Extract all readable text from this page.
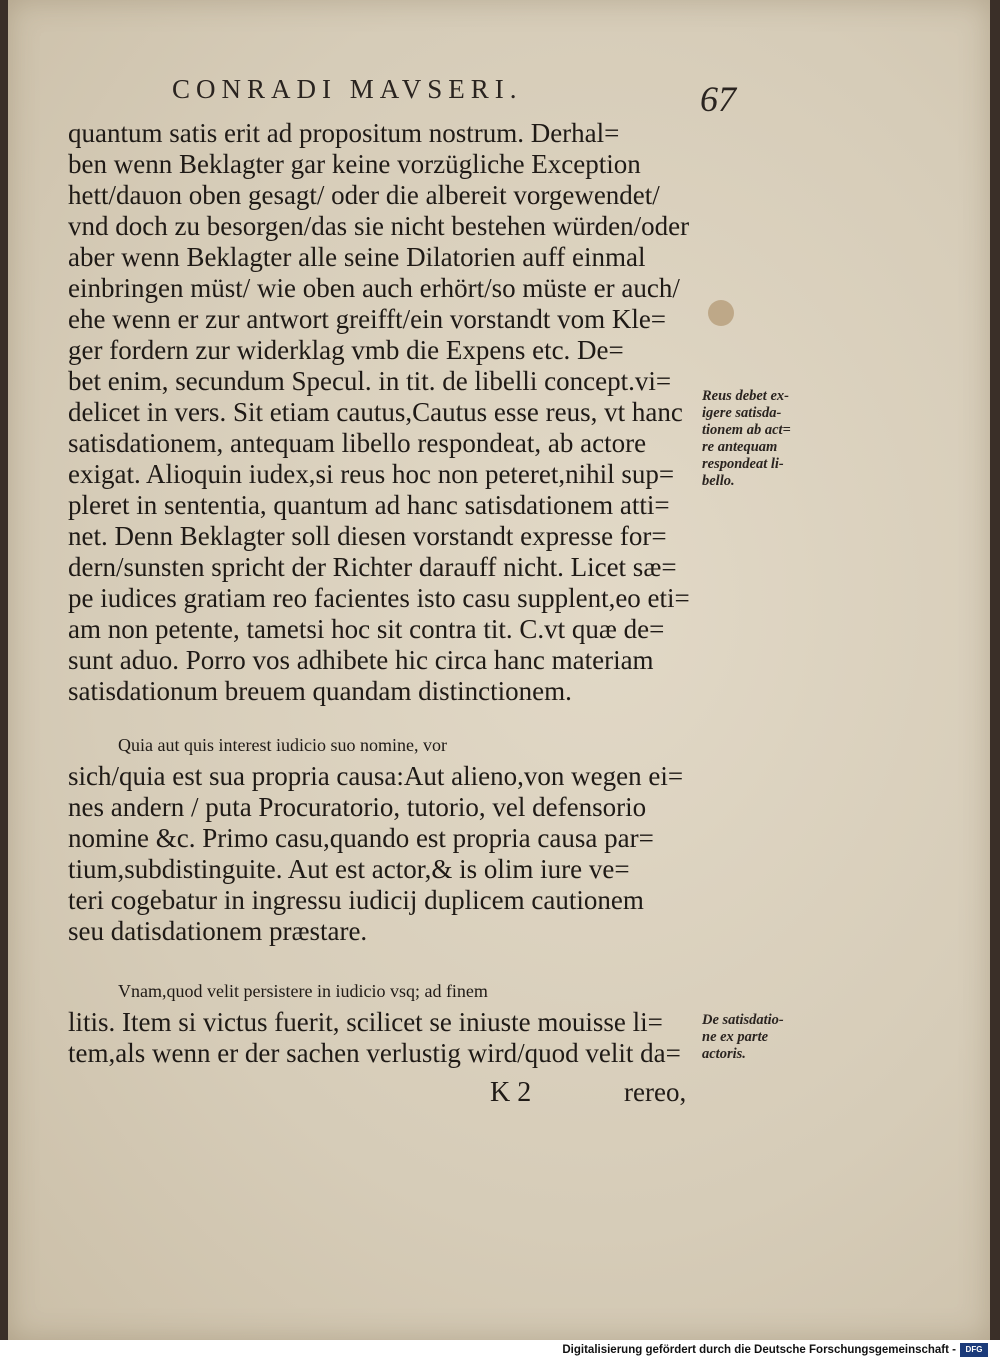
CONRADI MAVSERI.	67
quantum satis erit ad propositum nostrum. Derhal=
ben wenn Beklagter gar keine vorzügliche Exception
hett/dauon oben gesagt/ oder die albereit vorgewendet/
vnd doch zu besorgen/das sie nicht bestehen würden/oder
aber wenn Beklagter alle seine Dilatorien auff einmal
einbringen müst/ wie oben auch erhört/so müste er auch/
ehe wenn er zur antwort greifft/ein vorstandt vom Kle=
ger fordern zur widerklag vmb die Expens etc. De=
bet enim, secundum Specul. in tit. de libelli concept.vi=
delicet in vers. Sit etiam cautus,Cautus esse reus, vt hanc
satisdationem, antequam libello respondeat, ab actore
exigat. Alioquin iudex,si reus hoc non peteret,nihil sup=
pleret in sententia, quantum ad hanc satisdationem atti=
net. Denn Beklagter soll diesen vorstandt expresse for=
dern/sunsten spricht der Richter darauff nicht. Licet sæ=
pe iudices gratiam reo facientes isto casu supplent,eo eti=
am non petente, tametsi hoc sit contra tit. C.vt quæ de=
sunt aduo. Porro vos adhibete hic circa hanc materiam
satisdationum breuem quandam distinctionem.
Quia aut quis interest iudicio suo nomine, vor
sich/quia est sua propria causa:Aut alieno,von wegen ei=
nes andern / puta Procuratorio, tutorio, vel defensorio
nomine &c. Primo casu,quando est propria causa par=
tium,subdistinguite. Aut est actor,& is olim iure ve=
teri cogebatur in ingressu iudicij duplicem cautionem
seu datisdationem præstare.
Vnam,quod velit persistere in iudicio vsq; ad finem
litis. Item si victus fuerit, scilicet se iniuste mouisse li=
tem,als wenn er der sachen verlustig wird/quod velit da=
Reus debet ex-
igere satisda-
tionem ab act=
re antequam
respondeat li-
bello.
De satisdatio-
ne ex parte
actoris.
K 2	rereo,
Digitalisierung gefördert durch die Deutsche Forschungsgemeinschaft -	DFG
